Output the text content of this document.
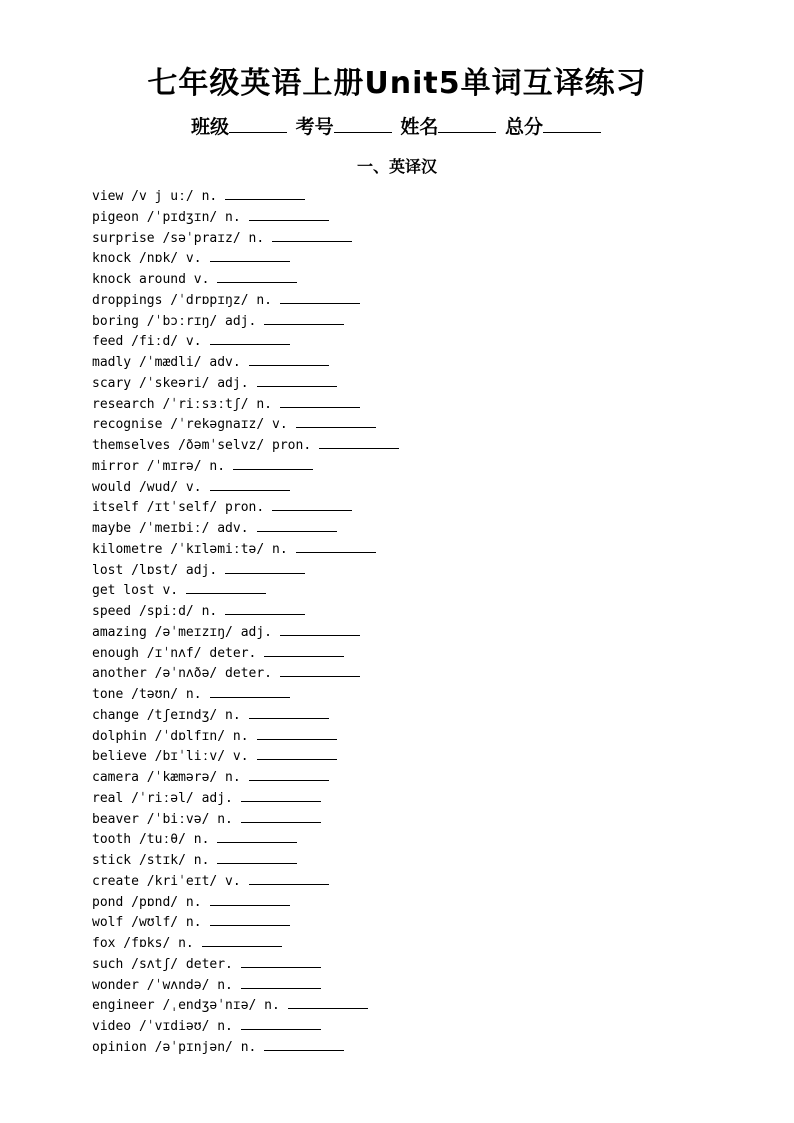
七年级英语上册Unit5单词互译练习
班级	考号	姓名	总分
一、英译汉
view /v j uː/ n.
pigeon /ˈpɪdʒɪn/ n.
surprise /səˈpraɪz/ n.
knock /nɒk/ v.
knock around v.
droppings /ˈdrɒpɪŋz/ n.
boring /ˈbɔːrɪŋ/ adj.
feed /fiːd/ v.
madly /ˈmædli/ adv.
scary /ˈskeəri/ adj.
research /ˈriːsɜːtʃ/ n.
recognise /ˈrekəgnaɪz/ v.
themselves /ðəmˈselvz/ pron.
mirror /ˈmɪrə/ n.
would /wud/ v.
itself /ɪtˈself/ pron.
maybe /ˈmeɪbiː/ adv.
kilometre /ˈkɪləmiːtə/ n.
lost /lɒst/ adj.
get lost v.
speed /spiːd/ n.
amazing /əˈmeɪzɪŋ/ adj.
enough /ɪˈnʌf/ deter.
another /əˈnʌðə/ deter.
tone /təʊn/ n.
change /tʃeɪndʒ/ n.
dolphin /ˈdɒlfɪn/ n.
believe /bɪˈliːv/ v.
camera /ˈkæmərə/ n.
real /ˈriːəl/ adj.
beaver /ˈbiːvə/ n.
tooth /tuːθ/ n.
stick /stɪk/ n.
create /kriˈeɪt/ v.
pond /pɒnd/ n.
wolf /wʊlf/ n.
fox /fɒks/ n.
such /sʌtʃ/ deter.
wonder /ˈwʌndə/ n.
engineer /ˌendʒəˈnɪə/ n.
video /ˈvɪdiəʊ/ n.
opinion /əˈpɪnjən/ n.
